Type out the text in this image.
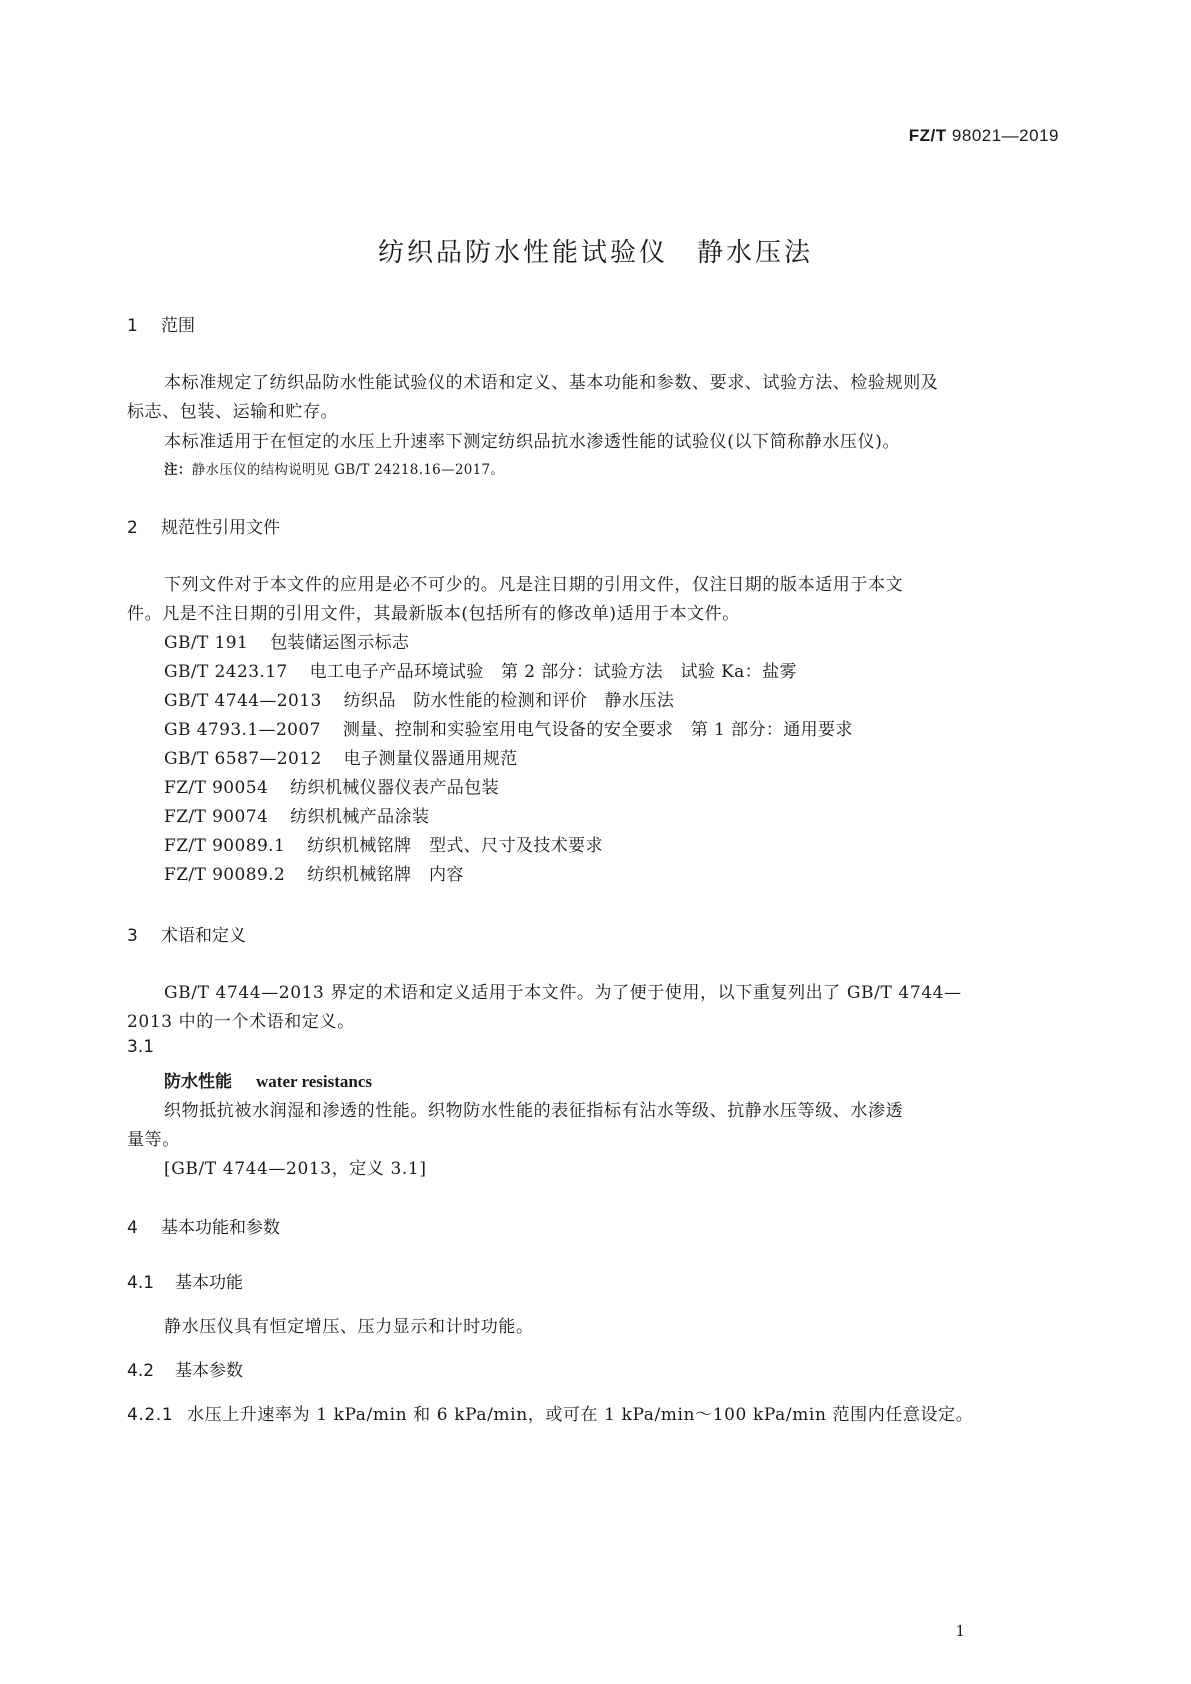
FZ/T 98021—2019
纺织品防水性能试验仪　静水压法
1 范围
本标准规定了纺织品防水性能试验仪的术语和定义、基本功能和参数、要求、试验方法、检验规则及
标志、包装、运输和贮存。
本标准适用于在恒定的水压上升速率下测定纺织品抗水渗透性能的试验仪(以下简称静水压仪)。
注：静水压仪的结构说明见 GB/T 24218.16—2017。
2 规范性引用文件
下列文件对于本文件的应用是必不可少的。凡是注日期的引用文件，仅注日期的版本适用于本文
件。凡是不注日期的引用文件，其最新版本(包括所有的修改单)适用于本文件。
GB/T 191 包装储运图示标志
GB/T 2423.17 电工电子产品环境试验　第 2 部分：试验方法　试验 Ka：盐雾
GB/T 4744—2013 纺织品　防水性能的检测和评价　静水压法
GB 4793.1—2007 测量、控制和实验室用电气设备的安全要求　第 1 部分：通用要求
GB/T 6587—2012 电子测量仪器通用规范
FZ/T 90054 纺织机械仪器仪表产品包装
FZ/T 90074 纺织机械产品涂装
FZ/T 90089.1 纺织机械铭牌　型式、尺寸及技术要求
FZ/T 90089.2 纺织机械铭牌　内容
3 术语和定义
GB/T 4744—2013 界定的术语和定义适用于本文件。为了便于使用，以下重复列出了 GB/T 4744—
2013 中的一个术语和定义。
3.1
防水性能 water resistancs
织物抵抗被水润湿和渗透的性能。织物防水性能的表征指标有沾水等级、抗静水压等级、水渗透
量等。
[GB/T 4744—2013，定义 3.1]
4 基本功能和参数
4.1 基本功能
静水压仪具有恒定增压、压力显示和计时功能。
4.2 基本参数
4.2.1 水压上升速率为 1 kPa/min 和 6 kPa/min，或可在 1 kPa/min～100 kPa/min 范围内任意设定。
1
